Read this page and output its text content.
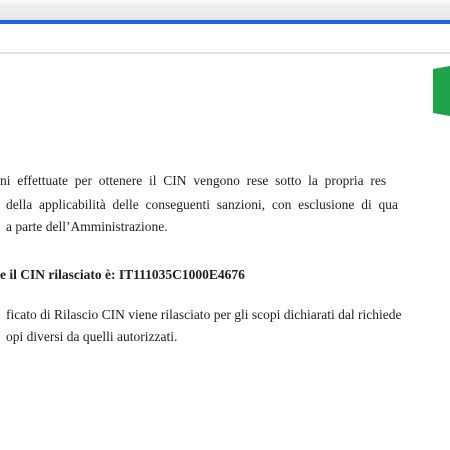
ni effettuate per ottenere il CIN vengono rese sotto la propria res
della applicabilità delle conseguenti sanzioni, con esclusione di qua
a parte dell’Amministrazione.
e il CIN rilasciato è: IT111035C1000E4676
ficato di Rilascio CIN viene rilasciato per gli scopi dichiarati dal richiede
opi diversi da quelli autorizzati.
